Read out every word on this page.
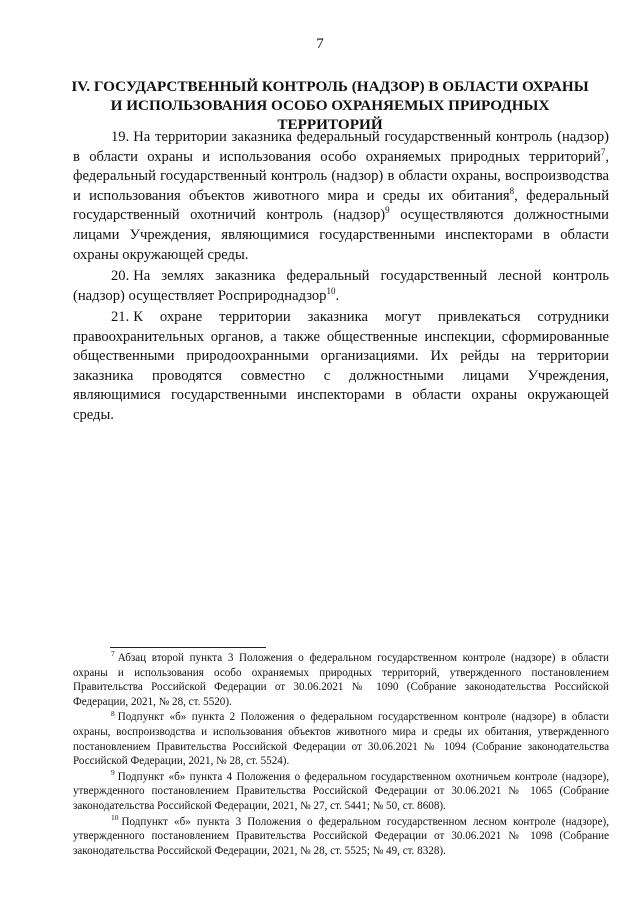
7
IV. ГОСУДАРСТВЕННЫЙ КОНТРОЛЬ (НАДЗОР) В ОБЛАСТИ ОХРАНЫ
И ИСПОЛЬЗОВАНИЯ ОСОБО ОХРАНЯЕМЫХ ПРИРОДНЫХ ТЕРРИТОРИЙ

19. На территории заказника федеральный государственный контроль (надзор) в области охраны и использования особо охраняемых природных территорий$^7$, федеральный государственный контроль (надзор) в области охраны, воспроизводства и использования объектов животного мира и среды их обитания$^8$, федеральный государственный охотничий контроль (надзор)$^9$ осуществляются должностными лицами Учреждения, являющимися государственными инспекторами в области охраны окружающей среды.

20. На землях заказника федеральный государственный лесной контроль (надзор) осуществляет Росприроднадзор$^{10}$.

21. К охране территории заказника могут привлекаться сотрудники правоохранительных органов, а также общественные инспекции, сформированные общественными природоохранными организациями. Их рейды на территории заказника проводятся совместно с должностными лицами Учреждения, являющимися государственными инспекторами в области охраны окружающей среды.

$^7$ Абзац второй пункта 3 Положения о федеральном государственном контроле (надзоре) в области охраны и использования особо охраняемых природных территорий, утвержденного постановлением Правительства Российской Федерации от 30.06.2021 № 1090 (Собрание законодательства Российской Федерации, 2021, № 28, ст. 5520).

$^8$ Подпункт «б» пункта 2 Положения о федеральном государственном контроле (надзоре) в области охраны, воспроизводства и использования объектов животного мира и среды их обитания, утвержденного постановлением Правительства Российской Федерации от 30.06.2021 № 1094 (Собрание законодательства Российской Федерации, 2021, № 28, ст. 5524).

$^9$ Подпункт «б» пункта 4 Положения о федеральном государственном охотничьем контроле (надзоре), утвержденного постановлением Правительства Российской Федерации от 30.06.2021 № 1065 (Собрание законодательства Российской Федерации, 2021, № 27, ст. 5441; № 50, ст. 8608).

$^{10}$ Подпункт «б» пункта 3 Положения о федеральном государственном лесном контроле (надзоре), утвержденного постановлением Правительства Российской Федерации от 30.06.2021 № 1098 (Собрание законодательства Российской Федерации, 2021, № 28, ст. 5525; № 49, ст. 8328).
